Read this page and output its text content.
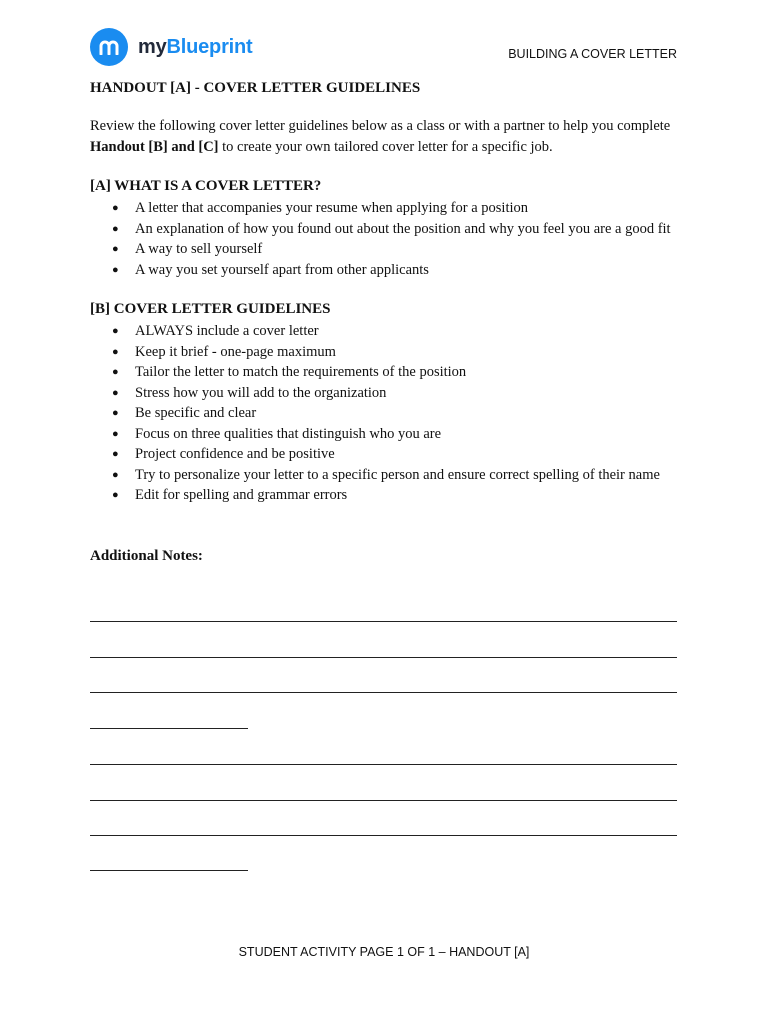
myBlueprint	BUILDING A COVER LETTER
HANDOUT [A] - COVER LETTER GUIDELINES
Review the following cover letter guidelines below as a class or with a partner to help you complete Handout [B] and [C] to create your own tailored cover letter for a specific job.
[A] WHAT IS A COVER LETTER?
● A letter that accompanies your resume when applying for a position
● An explanation of how you found out about the position and why you feel you are a good fit
● A way to sell yourself
● A way you set yourself apart from other applicants
[B] COVER LETTER GUIDELINES
● ALWAYS include a cover letter
● Keep it brief - one-page maximum
● Tailor the letter to match the requirements of the position
● Stress how you will add to the organization
● Be specific and clear
● Focus on three qualities that distinguish who you are
● Project confidence and be positive
● Try to personalize your letter to a specific person and ensure correct spelling of their name
● Edit for spelling and grammar errors
Additional Notes:
STUDENT ACTIVITY PAGE 1 OF 1 – HANDOUT [A]
